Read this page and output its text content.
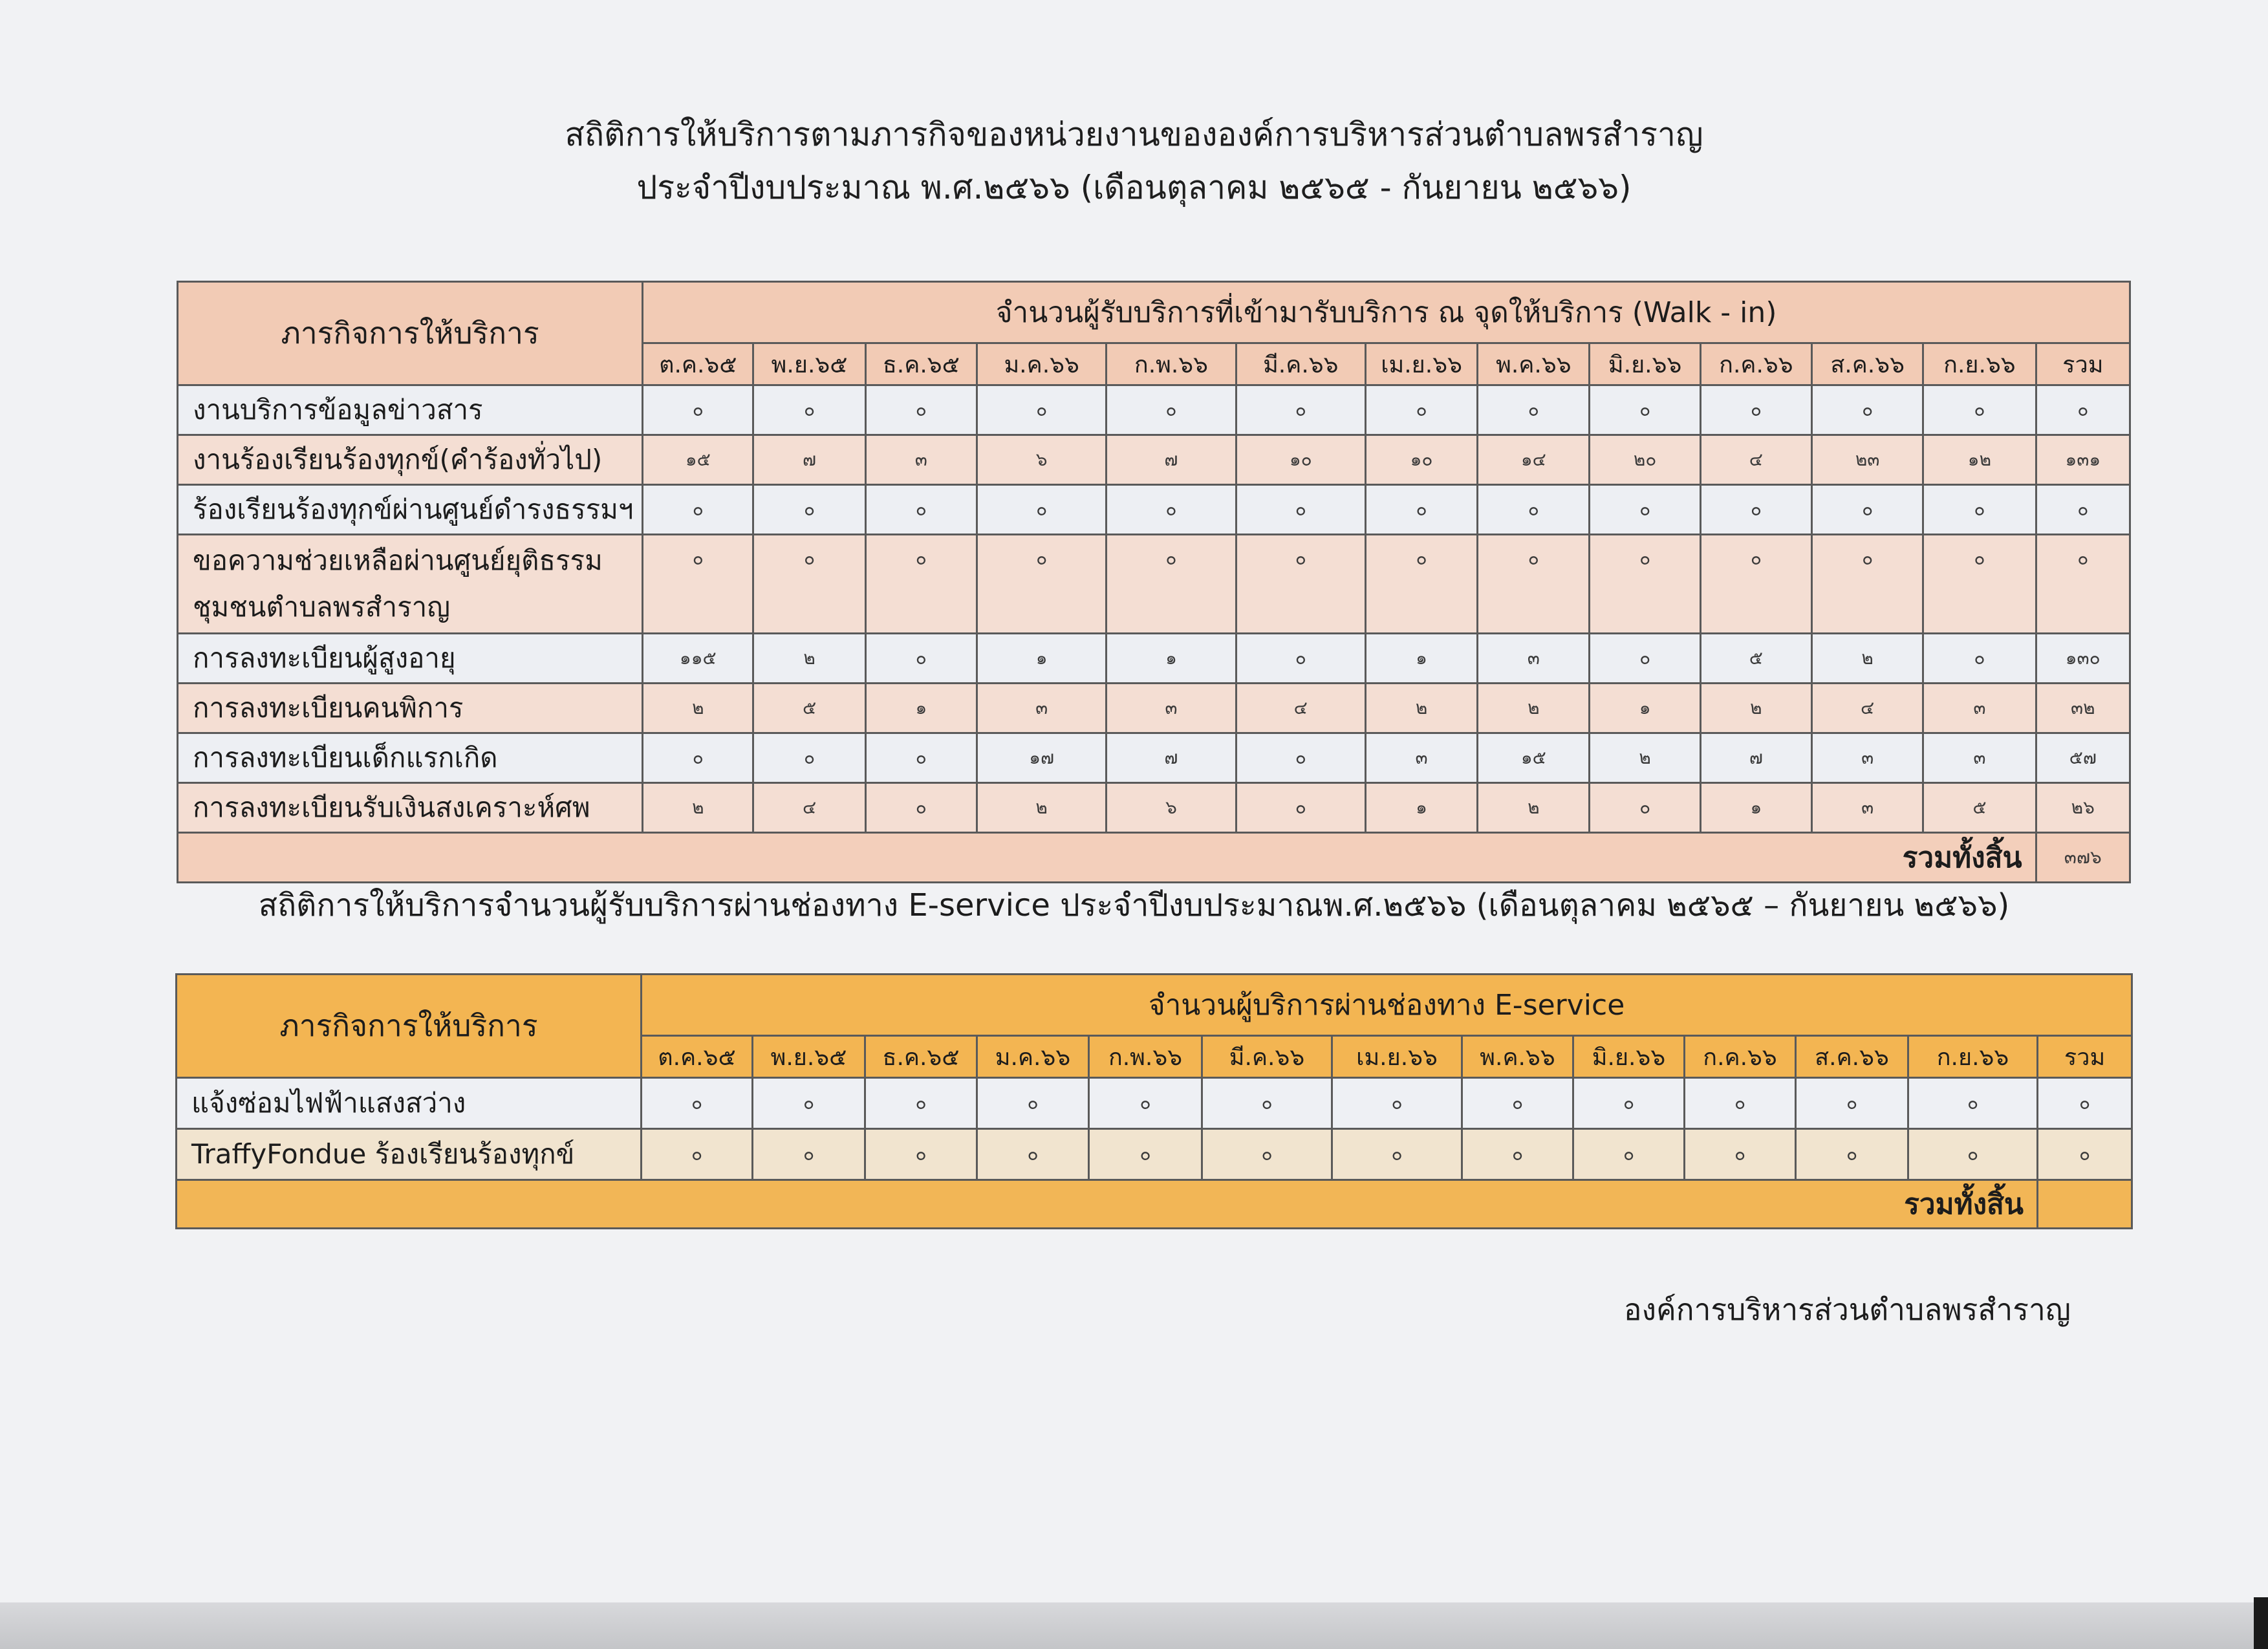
สถิติการให้บริการตามภารกิจของหน่วยงานขององค์การบริหารส่วนตำบลพรสำราญ
ประจำปีงบประมาณ พ.ศ.๒๕๖๖ (เดือนตุลาคม ๒๕๖๕ - กันยายน ๒๕๖๖)
ภารกิจการให้บริการ	จำนวนผู้รับบริการที่เข้ามารับบริการ ณ จุดให้บริการ (Walk - in)												
	ต.ค.๖๕	พ.ย.๖๕	ธ.ค.๖๕	ม.ค.๖๖	ก.พ.๖๖	มี.ค.๖๖	เม.ย.๖๖	พ.ค.๖๖	มิ.ย.๖๖	ก.ค.๖๖	ส.ค.๖๖	ก.ย.๖๖	รวม
งานบริการข้อมูลข่าวสาร	๐	๐	๐	๐	๐	๐	๐	๐	๐	๐	๐	๐	๐
งานร้องเรียนร้องทุกข์(คำร้องทั่วไป)	๑๕	๗	๓	๖	๗	๑๐	๑๐	๑๔	๒๐	๔	๒๓	๑๒	๑๓๑
ร้องเรียนร้องทุกข์ผ่านศูนย์ดำรงธรรมฯ	๐	๐	๐	๐	๐	๐	๐	๐	๐	๐	๐	๐	๐

ขอความช่วยเหลือผ่านศูนย์ยุติธรรม
ชุมชนตำบลพรสำราญ	๐	๐	๐	๐	๐	๐	๐	๐	๐	๐	๐	๐	๐
การลงทะเบียนผู้สูงอายุ	๑๑๕	๒	๐	๑	๑	๐	๑	๓	๐	๕	๒	๐	๑๓๐
การลงทะเบียนคนพิการ	๒	๕	๑	๓	๓	๔	๒	๒	๑	๒	๔	๓	๓๒
การลงทะเบียนเด็กแรกเกิด	๐	๐	๐	๑๗	๗	๐	๓	๑๕	๒	๗	๓	๓	๕๗
การลงทะเบียนรับเงินสงเคราะห์ศพ	๒	๔	๐	๒	๖	๐	๑	๒	๐	๑	๓	๕	๒๖
รวมทั้งสิ้น													๓๗๖
สถิติการให้บริการจำนวนผู้รับบริการผ่านช่องทาง E-service ประจำปีงบประมาณพ.ศ.๒๕๖๖ (เดือนตุลาคม ๒๕๖๕ – กันยายน ๒๕๖๖)
ภารกิจการให้บริการ	จำนวนผู้บริการผ่านช่องทาง E-service												
	ต.ค.๖๕	พ.ย.๖๕	ธ.ค.๖๕	ม.ค.๖๖	ก.พ.๖๖	มี.ค.๖๖	เม.ย.๖๖	พ.ค.๖๖	มิ.ย.๖๖	ก.ค.๖๖	ส.ค.๖๖	ก.ย.๖๖	รวม
แจ้งซ่อมไฟฟ้าแสงสว่าง	๐	๐	๐	๐	๐	๐	๐	๐	๐	๐	๐	๐	๐
TraffyFondue ร้องเรียนร้องทุกข์	๐	๐	๐	๐	๐	๐	๐	๐	๐	๐	๐	๐	๐
รวมทั้งสิ้น													
องค์การบริหารส่วนตำบลพรสำราญ
